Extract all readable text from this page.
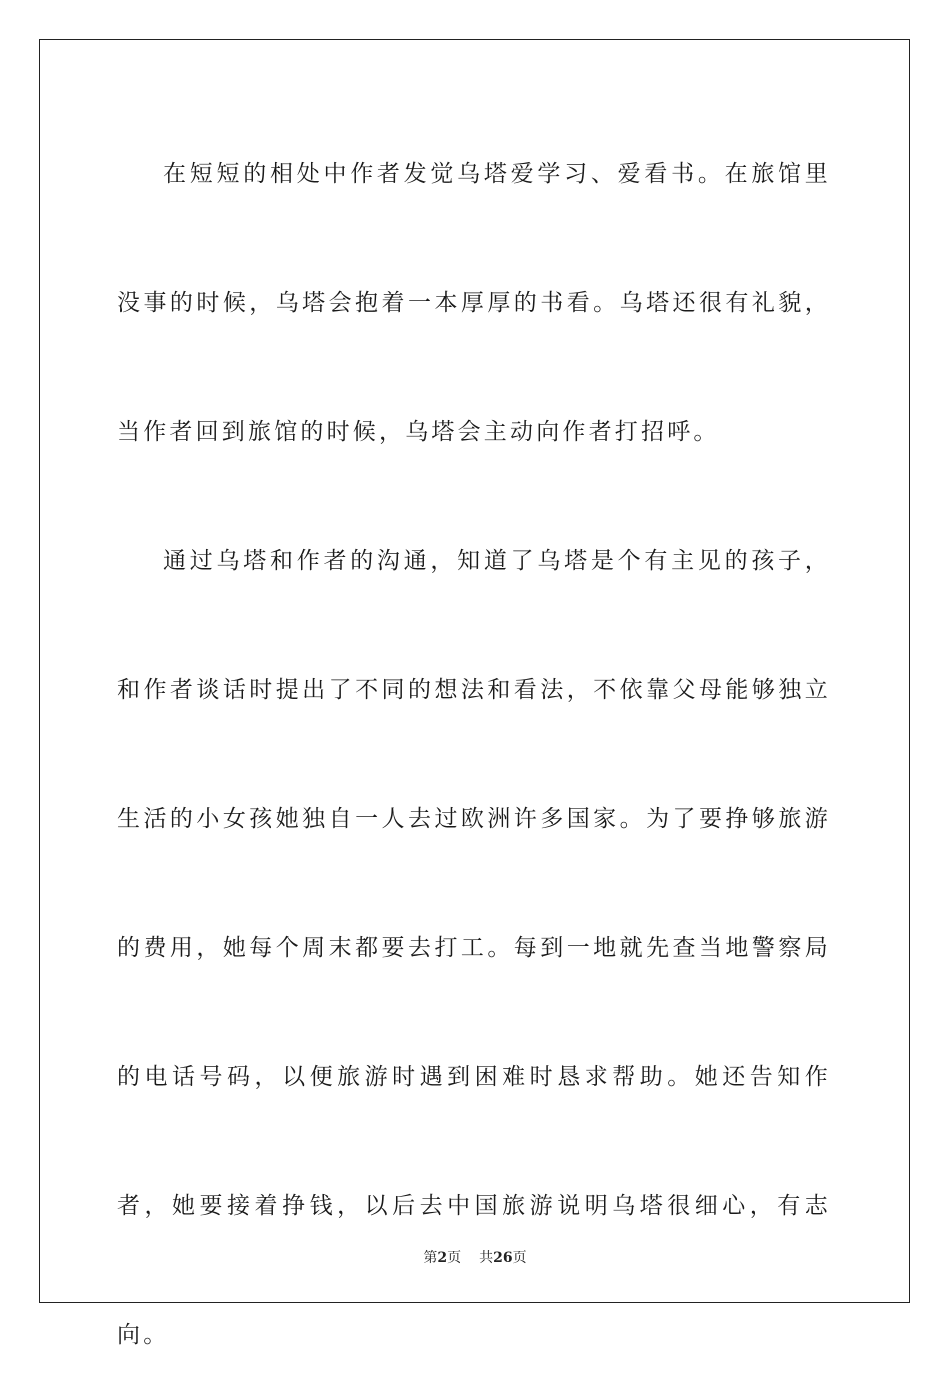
在短短的相处中作者发觉乌塔爱学习、爱看书。在旅馆里没事的时候，乌塔会抱着一本厚厚的书看。乌塔还很有礼貌，当作者回到旅馆的时候，乌塔会主动向作者打招呼。

通过乌塔和作者的沟通，知道了乌塔是个有主见的孩子，和作者谈话时提出了不同的想法和看法，不依靠父母能够独立生活的小女孩她独自一人去过欧洲许多国家。为了要挣够旅游的费用，她每个周末都要去打工。每到一地就先查当地警察局的电话号码，以便旅游时遇到困难时恳求帮助。她还告知作者，她要接着挣钱，以后去中国旅游说明乌塔很细心，有志向。

第2页 共26页
